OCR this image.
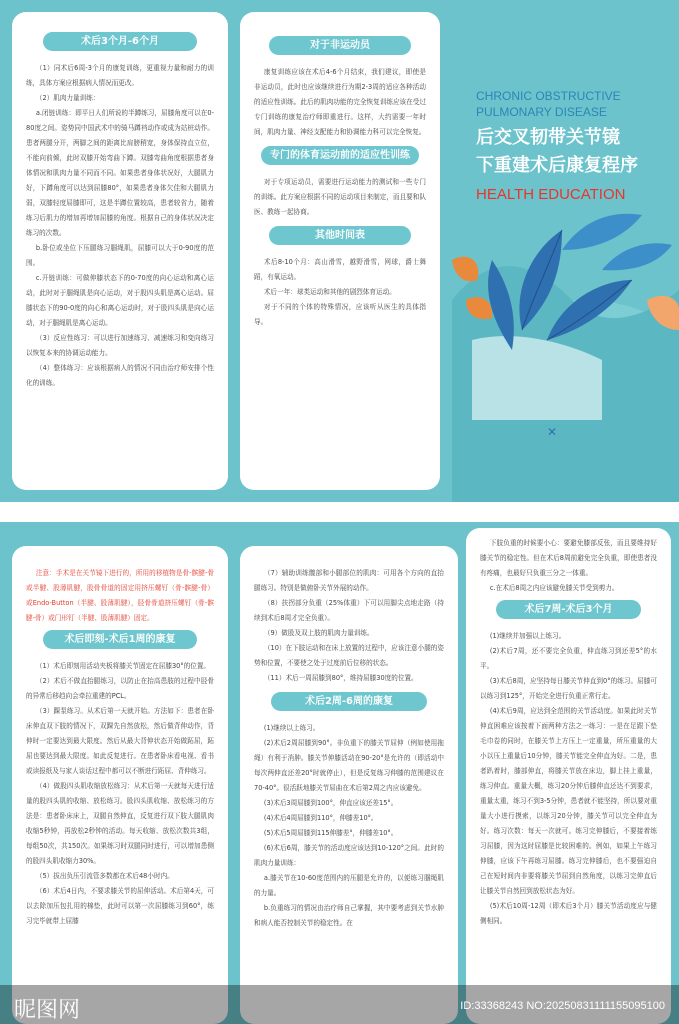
术后3个月-6个月

（1）同术后6周-3个月的康复训练，更重视力量和耐力的训练，具体方案应根据病人情况而更改。

（2）肌肉力量训练：

a.闭链训练：即平日人们所说的半蹲练习，屈膝角度可以在0-80度之间。姿势同中国武术中的骑马蹲裆动作或成为站桩动作。患者两腿分开，两脚之间的距离比肩膀稍宽，身体保持直立位，不能向前倾，此时双膝开始弯曲下蹲。双膝弯曲角度根据患者身体情况和肌肉力量不同而不同。如果患者身体状况好，大腿肌力好，下蹲角度可以达到屈膝80°，如果患者身体欠佳和大腿肌力弱，双膝轻度屈膝即可，这是半蹲位置较高，患者较省力，随着练习后肌力的增加再增加屈膝的角度。根据自己的身体状况决定练习的次数。

b.卧位或坐位下压腿练习腘绳肌，屈膝可以大于0-90度的范围。

c.开链训练：可做伸膝状态下的0-70度的向心运动和离心运动，此时对于腘绳肌是向心运动，对于股四头肌是离心运动。屈膝状态下的90-0度的向心和离心运动时，对于股四头肌是向心运动，对于腘绳肌是离心运动。

（3）反应性练习：可以进行加速练习、减速练习和变向练习以恢复本来的协调运动能力。

（4）整体练习：应该根据病人的情况不同由治疗师安排个性化的训练。

对于非运动员

康复训练应该在术后4-6个月结束，我们建议，即使是非运动员，此时也应该继续进行为期2-3周的适应各种活动的适应性训练。此后的肌肉功能的完全恢复训练应该在受过专门训练的康复治疗师即重进行。这样，大约需要一年时间，肌肉力量、神经支配能力和协调能力科可以完全恢复。

专门的体育运动前的适应性训练

对于专项运动员，需要进行运动能力的测试和一些专门的训练。此方案应根据不同的运动项目来制定，而且要和队医、教练一起协商。

其他时间表

术后8-10个月：高山滑雪，越野滑雪，网球，爵士舞蹈，有氧运动。

术后一年：球类运动和其他的剧烈体育运动。

对于不同的个体的特殊情况，应该听从医生的具体指导。

CHRONIC OBSTRUCTIVE
PULMONARY DISEASE
后交叉韧带关节镜
下重建术后康复程序
HEALTH EDUCATION
✕

注意：手术是在关节镜下进行的，所用的移植物是骨-髌腱-骨或半腱、股薄肌腱，股骨骨道的固定用挤压螺钉（骨-髌腱-骨）或Endo-Button（半腱、股薄肌腱），胫骨骨道挤压螺钉（骨-髌腱-骨）或门形钉（半腱、股薄肌腱）固定。

术后即刻-术后1周的康复

（1）术后即刻用活动夹板将膝关节固定在屈膝30°的位置。

（2）术后不做直抬腿练习，以防止在抬高患肢的过程中胫骨的异常后移趋向会牵拉重建的PCL。

（3）踝泵练习。从术后第一天就开始。方法如下：患者在卧床伸直双下肢的情况下，双踝先自然放松，然后做背伸动作，背伸时一定要达到最大限度。然后从最大背伸状态开始做跖屈，跖屈也要达到最大限度。如此反复进行。在患者卧床看电视、看书或读报纸及与家人谈话过程中都可以不断进行跖屈、背伸练习。

（4）做股四头肌收缩放松练习：从术后第一天就每天进行适量的股四头肌的收缩、放松练习。股四头肌收缩、放松练习的方法是：患者卧床床上，双腿自然伸直，反复进行双下肢大腿肌肉收缩5秒钟，再放松2秒钟的活动。每天收缩、放松次数共3组，每组50次，共150次。如果练习时双腿同时进行，可以增加患侧的股四头肌收缩力30%。

（5）拔出负压引流管多数都在术后48小时内。

（6）术后4日内，不要求膝关节的屈伸活动。术后第4天，可以去除加压包扎用的棉垫，此时可以第一次屈膝练习到60°，练习完毕就带上屈膝

（7）辅助训练髋部和小腿部位的肌肉：可用各个方向的直抬腿练习。特别是做俯卧关节外展的动作。

（8）扶拐部分负重（25%体重）下可以用脚尖点地走路（持续到术后8周才完全负重）。

（9）做股及双上肢的肌肉力量训练。

（10）在下肢运动和在床上放置的过程中，应该注意小腿的姿势和位置，不要使之处于过度前后位移的状态。

（11）术后一周屈膝到80°，维持屈膝30度的位置。

术后2周-6周的康复

(1)继续以上练习。

(2)术后2周屈膝到90°。非负重下的膝关节屈伸（例如使用拖绳）有利于消肿。膝关节伸膝活动在90-20°是允许的（即活动中每次两伸直还差20°时就停止），但是反复练习伸膝的范围建议在70-40°。很活跃地膝关节屈曲在术后第2周之内应该避免。

(3)术后3周屈膝到100°，伸直应该还差15°。

(4)术后4周屈膝到110°，伸膝差10°。

(5)术后5周屈膝到115伸膝差°，伸膝差10°。

(6)术后6周，膝关节的活动度应该达到10-120°之间。此时的肌肉力量训练：

a.膝关节在10-60度范围内的压腿是允许的，以便练习腘绳肌的力量。

b.负重练习的情况由治疗师自己掌握，其中要考虑到关节水肿和病人能否控制关节的稳定性。在

下肢负重的时候要小心：要避免膝部反张，而且要维持好膝关节的稳定性。但在术后8周前避免完全负重，即使患者没有疼痛，也最好只负重三分之一体重。

c.在术后8周之内应该避免膝关节受到剪力。

术后7周-术后3个月

(1)继续并加强以上练习。

(2)术后7周，还不要完全负重，伸直练习到还差5°的水平。

(3)术后8周，应坚持每日膝关节伸直到0°的练习。屈膝可以练习到125°，开始完全进行负重正常行走。

(4)术后9周，应达到全范围的关节活动度。如果此时关节伸直困难应该按着下面两种方法之一练习：一是在足跟下垫毛巾卷的同时，在膝关节上方压上一定重量，所压重量的大小以压上重量后10分钟，膝关节能完全伸直为好。二是，患者趴着时，膝部伸直，将膝关节放在床边，脚上挂上重量，练习伸直。重量大概，练习20分钟后膝伸直还达不到要求，重量太重，练习不到3-5分钟，患者就不能坚持，所以要对重量大小进行摸索，以练习20分钟，膝关节可以完全伸直为好。练习次数：每天一次就可。练习完伸膝后，不要接着练习屈膝，因为这时屈膝是比较困难的。例如，如果上午练习伸膝，应该下午再练习屈膝。练习完伸膝后，也不要强迫自己在短时间内非要将膝关节屈到自然角度，以练习完伸直后让膝关节自然回到放松状态为好。

(5)术后10周-12周（即术后3个月）膝关节活动度应与健侧相同。

昵图网	ID:33368243 NO:20250831111155095100
